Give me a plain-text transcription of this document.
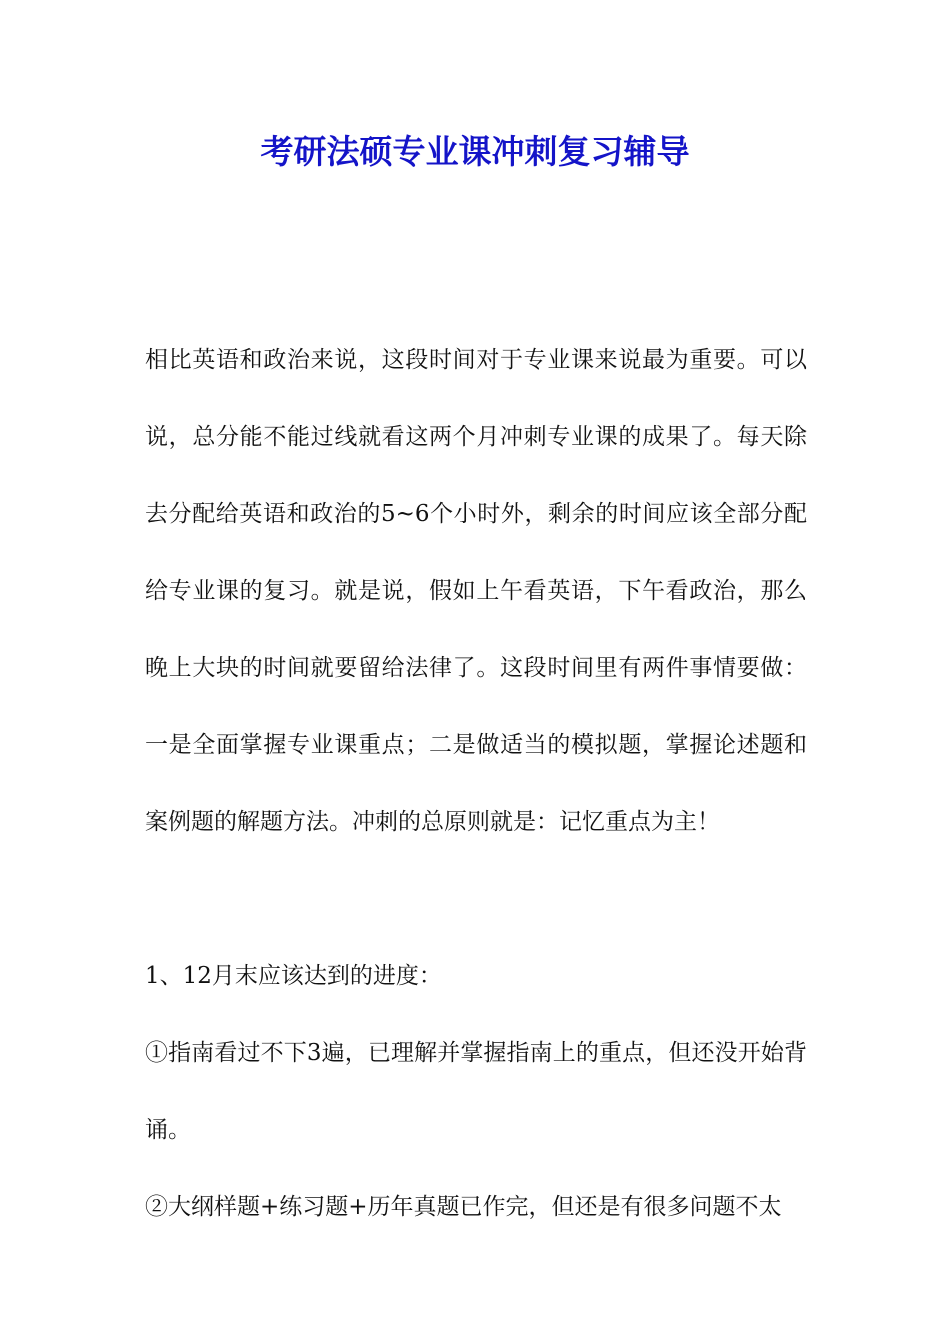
考研法硕专业课冲刺复习辅导

相比英语和政治来说，这段时间对于专业课来说最为重要。可以说，总分能不能过线就看这两个月冲刺专业课的成果了。每天除去分配给英语和政治的5~6个小时外，剩余的时间应该全部分配给专业课的复习。就是说，假如上午看英语，下午看政治，那么晚上大块的时间就要留给法律了。这段时间里有两件事情要做：一是全面掌握专业课重点；二是做适当的模拟题，掌握论述题和案例题的解题方法。冲刺的总原则就是：记忆重点为主！

1、12月末应该达到的进度：

①指南看过不下3遍，已理解并掌握指南上的重点，但还没开始背诵。

②大纲样题+练习题+历年真题已作完，但还是有很多问题不太
